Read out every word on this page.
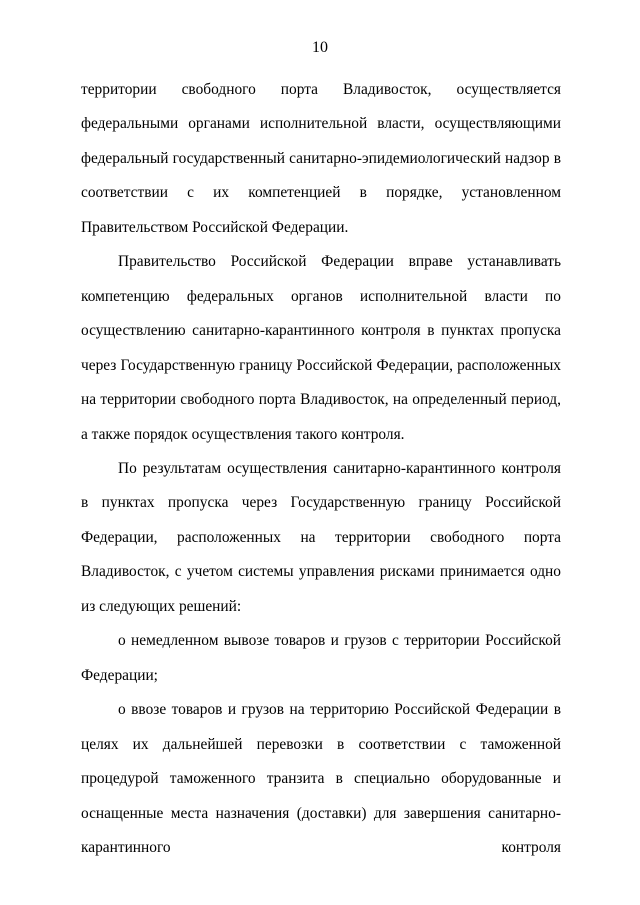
10

территории свободного порта Владивосток, осуществляется федеральными органами исполнительной власти, осуществляющими федеральный государственный санитарно-эпидемиологический надзор в соответствии с их компетенцией в порядке, установленном Правительством Российской Федерации.

Правительство Российской Федерации вправе устанавливать компетенцию федеральных органов исполнительной власти по осуществлению санитарно-карантинного контроля в пунктах пропуска через Государственную границу Российской Федерации, расположенных на территории свободного порта Владивосток, на определенный период, а также порядок осуществления такого контроля.

По результатам осуществления санитарно-карантинного контроля в пунктах пропуска через Государственную границу Российской Федерации, расположенных на территории свободного порта Владивосток, с учетом системы управления рисками принимается одно из следующих решений:

о немедленном вывозе товаров и грузов с территории Российской Федерации;

о ввозе товаров и грузов на территорию Российской Федерации в целях их дальнейшей перевозки в соответствии с таможенной процедурой таможенного транзита в специально оборудованные и оснащенные места назначения (доставки) для завершения санитарно-карантинного контроля
